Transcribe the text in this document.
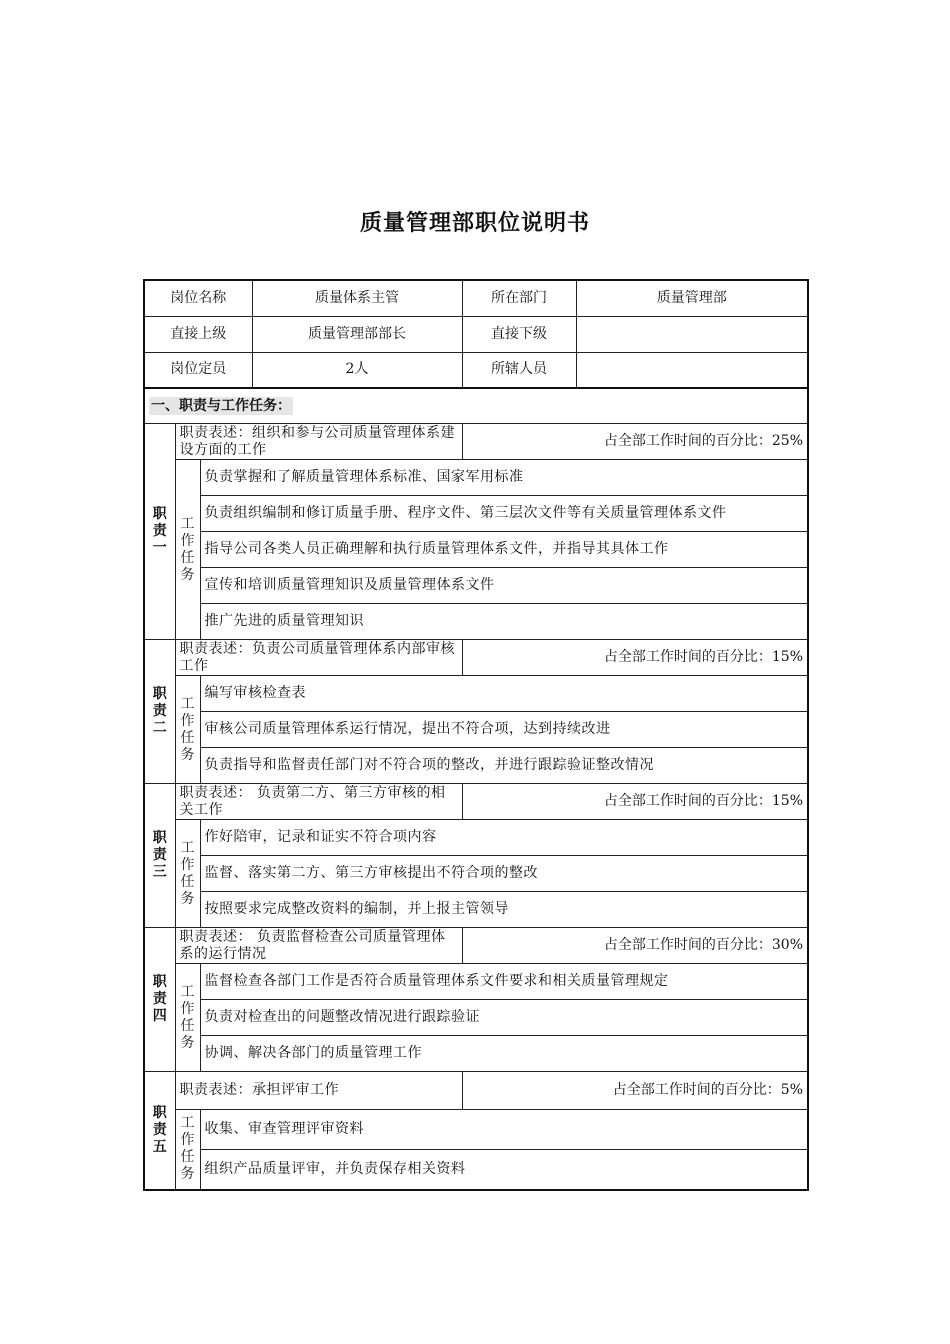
质量管理部职位说明书
岗位名称			质量体系主管	所在部门	质量管理部
直接上级			质量管理部部长	直接下级	
岗位定员			2人	所辖人员	
一、职责与工作任务：					
职
责
一	职责表述：组织和参与公司质量管理体系建设方面的工作			占全部工作时间的百分比：25%	
	工
作
任
务	负责掌握和了解质量管理体系标准、国家军用标准			
		负责组织编制和修订质量手册、程序文件、第三层次文件等有关质量管理体系文件			
		指导公司各类人员正确理解和执行质量管理体系文件，并指导其具体工作			
		宣传和培训质量管理知识及质量管理体系文件			
		推广先进的质量管理知识			
职
责
二	职责表述：负责公司质量管理体系内部审核工作			占全部工作时间的百分比：15%	
	工
作
任
务	编写审核检查表			
		审核公司质量管理体系运行情况，提出不符合项，达到持续改进			
		负责指导和监督责任部门对不符合项的整改，并进行跟踪验证整改情况			
职
责
三	职责表述： 负责第二方、第三方审核的相关工作			占全部工作时间的百分比：15%	
	工
作
任
务	作好陪审，记录和证实不符合项内容			
		监督、落实第二方、第三方审核提出不符合项的整改			
		按照要求完成整改资料的编制，并上报主管领导			
职
责
四	职责表述： 负责监督检查公司质量管理体系的运行情况			占全部工作时间的百分比：30%	
	工
作
任
务	监督检查各部门工作是否符合质量管理体系文件要求和相关质量管理规定			
		负责对检查出的问题整改情况进行跟踪验证			
		协调、解决各部门的质量管理工作			
职
责
五	职责表述：承担评审工作			占全部工作时间的百分比：5%	
	工
作
任
务	收集、审查管理评审资料			
		组织产品质量评审，并负责保存相关资料			
